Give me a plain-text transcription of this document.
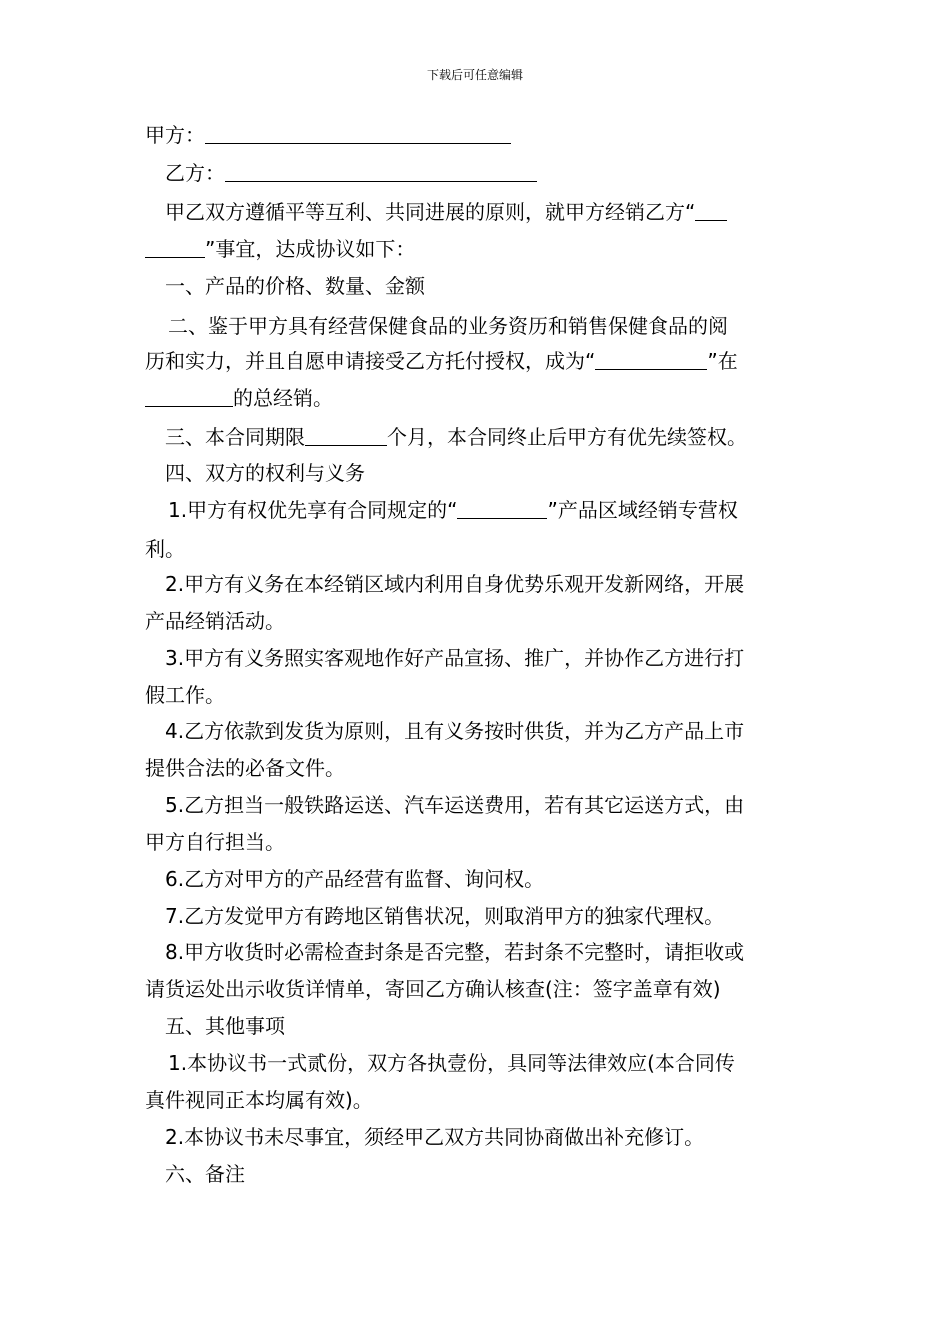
下载后可任意编辑
甲方：
乙方：
甲乙双方遵循平等互利、共同进展的原则，就甲方经销乙方“
”事宜，达成协议如下：
一、产品的价格、数量、金额
二、鉴于甲方具有经营保健食品的业务资历和销售保健食品的阅
历和实力，并且自愿申请接受乙方托付授权，成为“	”在
的总经销。
三、本合同期限	个月，本合同终止后甲方有优先续签权。
四、双方的权利与义务
1.甲方有权优先享有合同规定的“	”产品区域经销专营权
利。
2.甲方有义务在本经销区域内利用自身优势乐观开发新网络，开展
产品经销活动。
3.甲方有义务照实客观地作好产品宣扬、推广，并协作乙方进行打
假工作。
4.乙方依款到发货为原则，且有义务按时供货，并为乙方产品上市
提供合法的必备文件。
5.乙方担当一般铁路运送、汽车运送费用，若有其它运送方式，由
甲方自行担当。
6.乙方对甲方的产品经营有监督、询问权。
7.乙方发觉甲方有跨地区销售状况，则取消甲方的独家代理权。
8.甲方收货时必需检查封条是否完整，若封条不完整时，请拒收或
请货运处出示收货详情单，寄回乙方确认核查(注：签字盖章有效)
五、其他事项
1.本协议书一式贰份，双方各执壹份，具同等法律效应(本合同传
真件视同正本均属有效)。
2.本协议书未尽事宜，须经甲乙双方共同协商做出补充修订。
六、备注
